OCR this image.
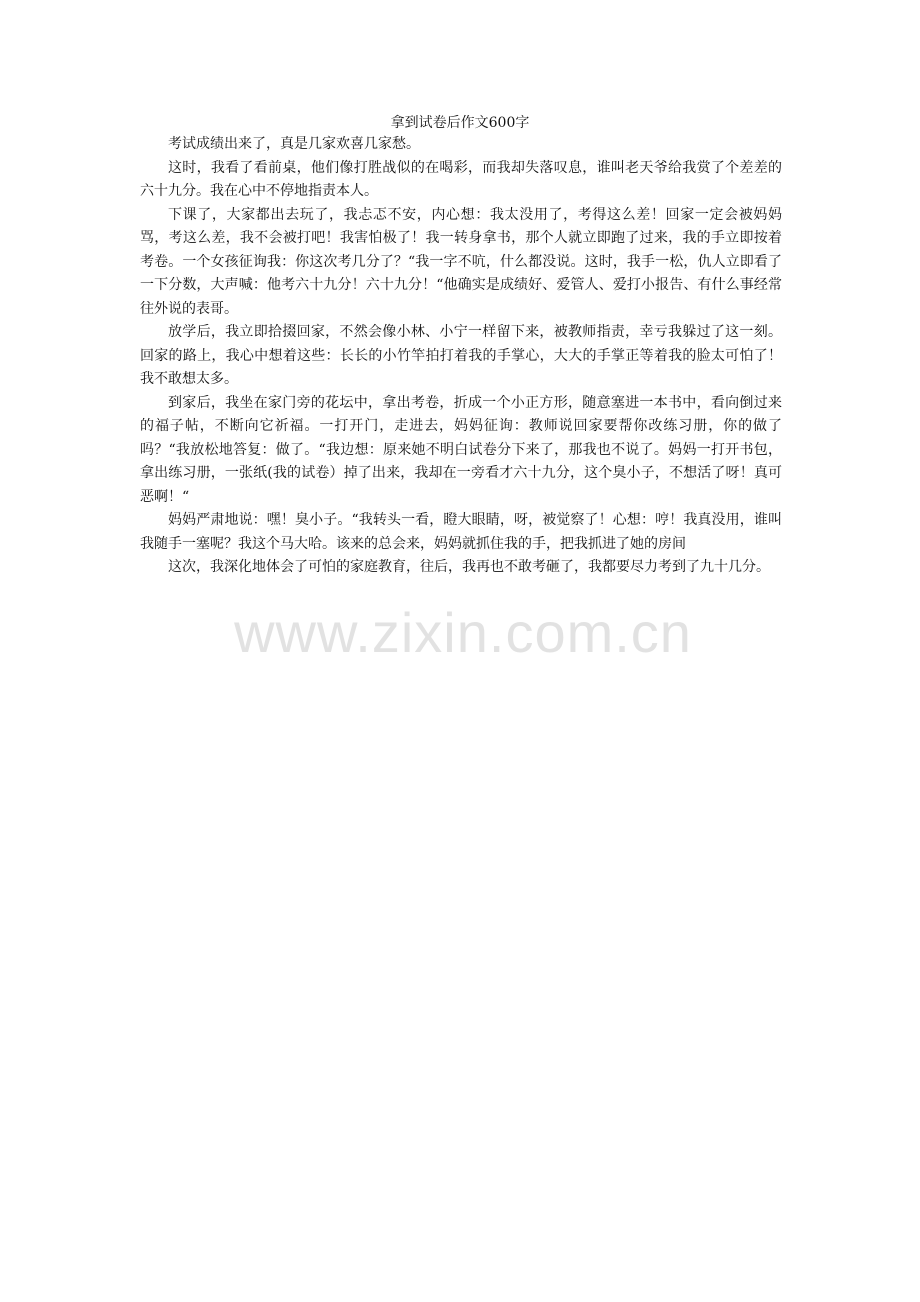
拿到试卷后作文600字

考试成绩出来了，真是几家欢喜几家愁。

这时，我看了看前桌，他们像打胜战似的在喝彩，而我却失落叹息，谁叫老天爷给我赏了个差差的六十九分。我在心中不停地指责本人。

下课了，大家都出去玩了，我忐忑不安，内心想：我太没用了，考得这么差！回家一定会被妈妈骂，考这么差，我不会被打吧！我害怕极了！我一转身拿书，那个人就立即跑了过来，我的手立即按着考卷。一个女孩征询我：你这次考几分了？“我一字不吭，什么都没说。这时，我手一松，仇人立即看了一下分数，大声喊：他考六十九分！六十九分！“他确实是成绩好、爱管人、爱打小报告、有什么事经常往外说的表哥。

放学后，我立即拾掇回家，不然会像小林、小宁一样留下来，被教师指责，幸亏我躲过了这一刻。回家的路上，我心中想着这些：长长的小竹竿拍打着我的手掌心，大大的手掌正等着我的脸太可怕了！我不敢想太多。

到家后，我坐在家门旁的花坛中，拿出考卷，折成一个小正方形，随意塞进一本书中，看向倒过来的福子帖，不断向它祈福。一打开门，走进去，妈妈征询：教师说回家要帮你改练习册，你的做了吗？“我放松地答复：做了。“我边想：原来她不明白试卷分下来了，那我也不说了。妈妈一打开书包，拿出练习册，一张纸(我的试卷）掉了出来，我却在一旁看才六十九分，这个臭小子，不想活了呀！真可恶啊！“

妈妈严肃地说：嘿！臭小子。“我转头一看，瞪大眼睛，呀，被觉察了！心想：哼！我真没用，谁叫我随手一塞呢？我这个马大哈。该来的总会来，妈妈就抓住我的手，把我抓进了她的房间

这次，我深化地体会了可怕的家庭教育，往后，我再也不敢考砸了，我都要尽力考到了九十几分。

www.zixin.com.cn
